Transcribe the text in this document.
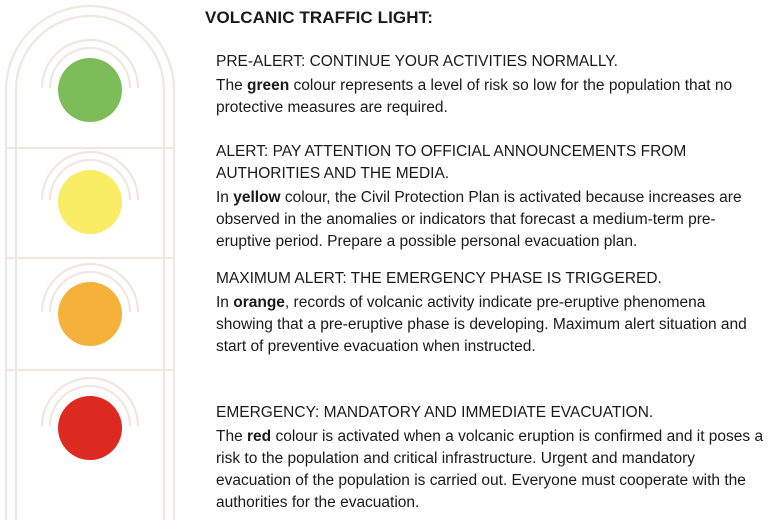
VOLCANIC TRAFFIC LIGHT:

PRE-ALERT: CONTINUE YOUR ACTIVITIES NORMALLY.

The green colour represents a level of risk so low for the population that no protective measures are required.

ALERT: PAY ATTENTION TO OFFICIAL ANNOUNCEMENTS FROM AUTHORITIES AND THE MEDIA.

In yellow colour, the Civil Protection Plan is activated because increases are observed in the anomalies or indicators that forecast a medium-term pre-eruptive period. Prepare a possible personal evacuation plan.

MAXIMUM ALERT: THE EMERGENCY PHASE IS TRIGGERED.

In orange, records of volcanic activity indicate pre-eruptive phenomena showing that a pre-eruptive phase is developing. Maximum alert situation and start of preventive evacuation when instructed.

EMERGENCY: MANDATORY AND IMMEDIATE EVACUATION.

The red colour is activated when a volcanic eruption is confirmed and it poses a risk to the population and critical infrastructure. Urgent and mandatory evacuation of the population is carried out. Everyone must cooperate with the authorities for the evacuation.
